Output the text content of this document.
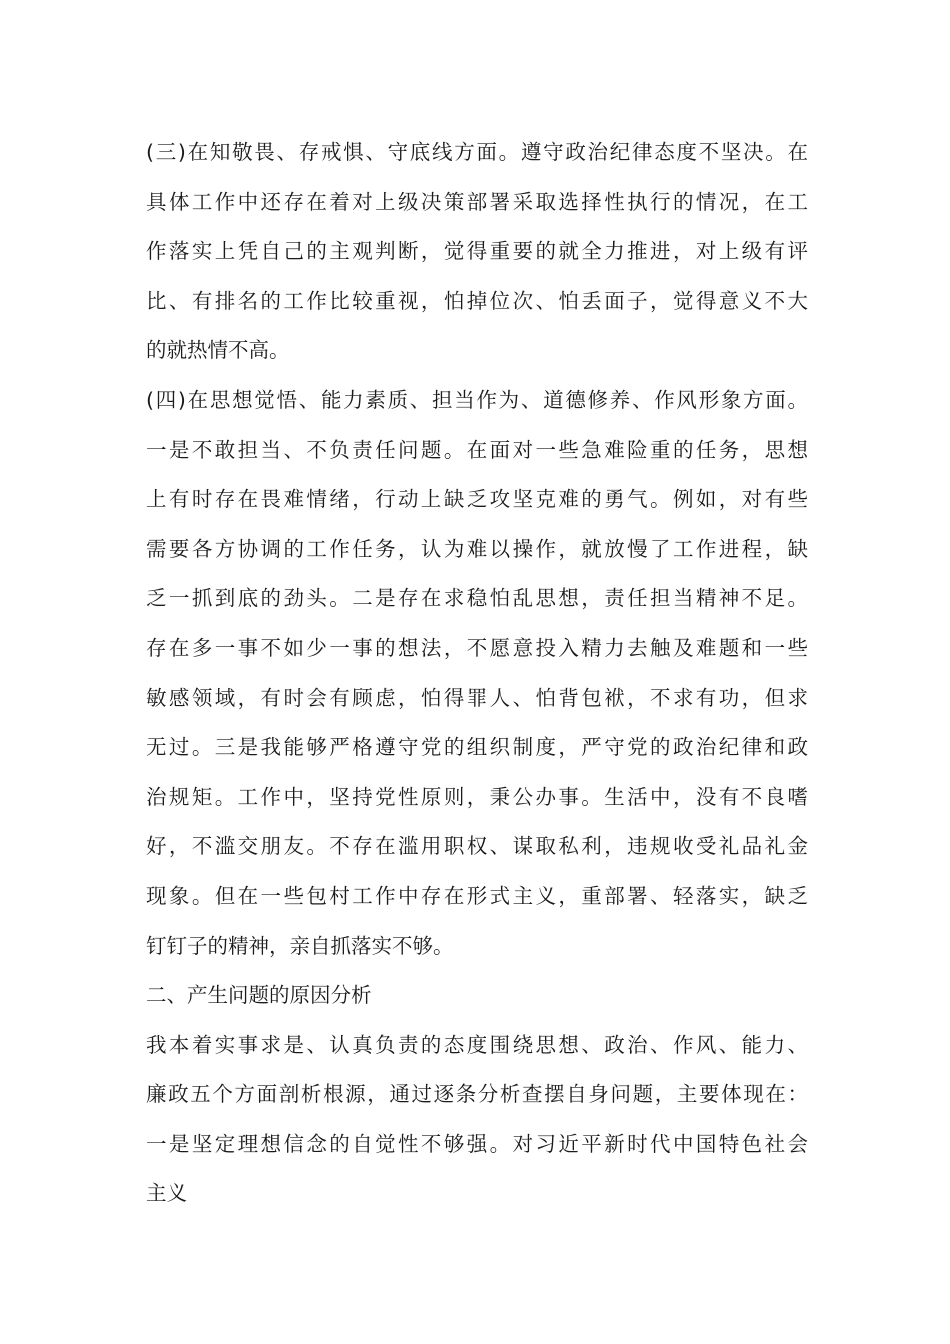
(三)在知敬畏、存戒惧、守底线方面。遵守政治纪律态度不坚决。在
具体工作中还存在着对上级决策部署采取选择性执行的情况，在工
作落实上凭自己的主观判断，觉得重要的就全力推进，对上级有评
比、有排名的工作比较重视，怕掉位次、怕丢面子，觉得意义不大
的就热情不高。
(四)在思想觉悟、能力素质、担当作为、道德修养、作风形象方面。
一是不敢担当、不负责任问题。在面对一些急难险重的任务，思想
上有时存在畏难情绪，行动上缺乏攻坚克难的勇气。例如，对有些
需要各方协调的工作任务，认为难以操作，就放慢了工作进程，缺
乏一抓到底的劲头。二是存在求稳怕乱思想，责任担当精神不足。
存在多一事不如少一事的想法，不愿意投入精力去触及难题和一些
敏感领域，有时会有顾虑，怕得罪人、怕背包袱，不求有功，但求
无过。三是我能够严格遵守党的组织制度，严守党的政治纪律和政
治规矩。工作中，坚持党性原则，秉公办事。生活中，没有不良嗜
好，不滥交朋友。不存在滥用职权、谋取私利，违规收受礼品礼金
现象。但在一些包村工作中存在形式主义，重部署、轻落实，缺乏
钉钉子的精神，亲自抓落实不够。
二、产生问题的原因分析
我本着实事求是、认真负责的态度围绕思想、政治、作风、能力、
廉政五个方面剖析根源，通过逐条分析查摆自身问题，主要体现在：
一是坚定理想信念的自觉性不够强。对习近平新时代中国特色社会
主义
